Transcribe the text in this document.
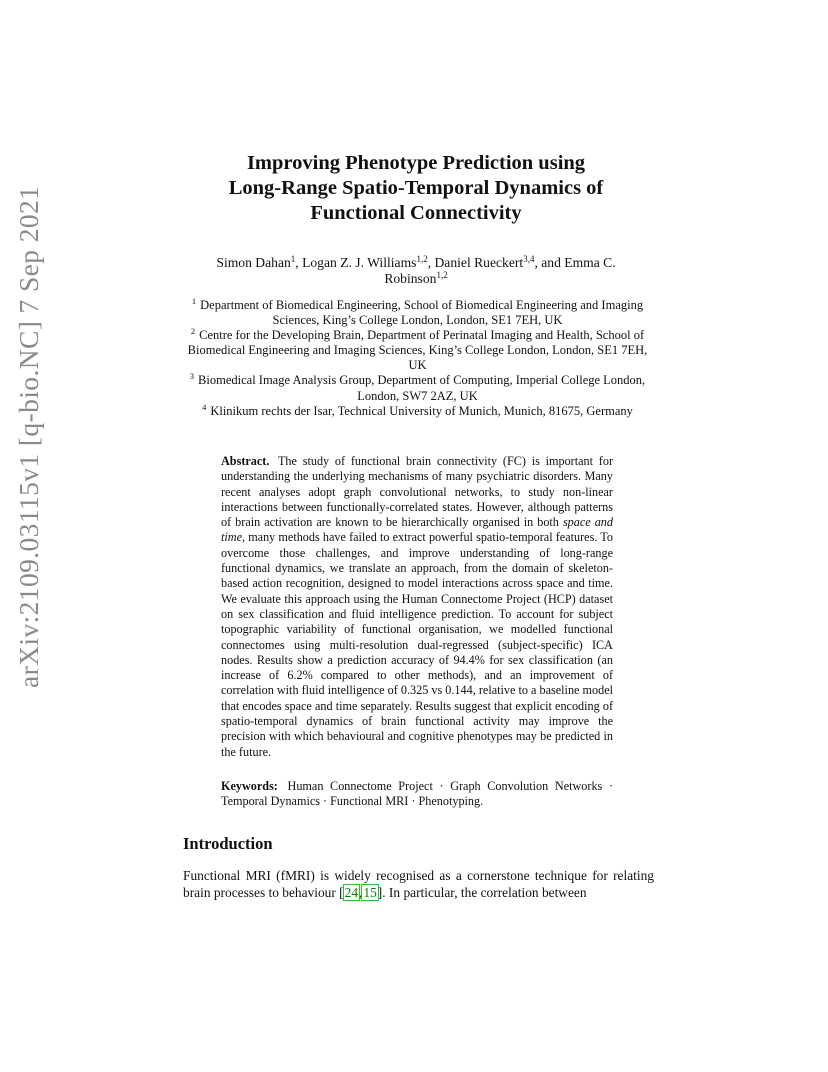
arXiv:2109.03115v1 [q-bio.NC] 7 Sep 2021
Improving Phenotype Prediction using
Long-Range Spatio-Temporal Dynamics of
Functional Connectivity
Simon Dahan$^1$, Logan Z. J. Williams$^{1,2}$, Daniel Rueckert$^{3,4}$, and Emma C.
Robinson$^{1,2}$

$^1$ Department of Biomedical Engineering, School of Biomedical Engineering and Imaging Sciences, King’s College London, London, SE1 7EH, UK

$^2$ Centre for the Developing Brain, Department of Perinatal Imaging and Health, School of Biomedical Engineering and Imaging Sciences, King’s College London, London, SE1 7EH, UK

$^3$ Biomedical Image Analysis Group, Department of Computing, Imperial College London, London, SW7 2AZ, UK

$^4$ Klinikum rechts der Isar, Technical University of Munich, Munich, 81675, Germany

Abstract. The study of functional brain connectivity (FC) is important for understanding the underlying mechanisms of many psychiatric disorders. Many recent analyses adopt graph convolutional networks, to study non-linear interactions between functionally-correlated states. However, although patterns of brain activation are known to be hierarchically organised in both space and time, many methods have failed to extract powerful spatio-temporal features. To overcome those challenges, and improve understanding of long-range functional dynamics, we translate an approach, from the domain of skeleton-based action recognition, designed to model interactions across space and time. We evaluate this approach using the Human Connectome Project (HCP) dataset on sex classification and fluid intelligence prediction. To account for subject topographic variability of functional organisation, we modelled functional connectomes using multi-resolution dual-regressed (subject-specific) ICA nodes. Results show a prediction accuracy of 94.4% for sex classification (an increase of 6.2% compared to other methods), and an improvement of correlation with fluid intelligence of 0.325 vs 0.144, relative to a baseline model that encodes space and time separately. Results suggest that explicit encoding of spatio-temporal dynamics of brain functional activity may improve the precision with which behavioural and cognitive phenotypes may be predicted in the future.
Keywords: Human Connectome Project · Graph Convolution Networks · Temporal Dynamics · Functional MRI · Phenotyping.
Introduction
Functional MRI (fMRI) is widely recognised as a cornerstone technique for relating brain processes to behaviour [24,15]. In particular, the correlation between
